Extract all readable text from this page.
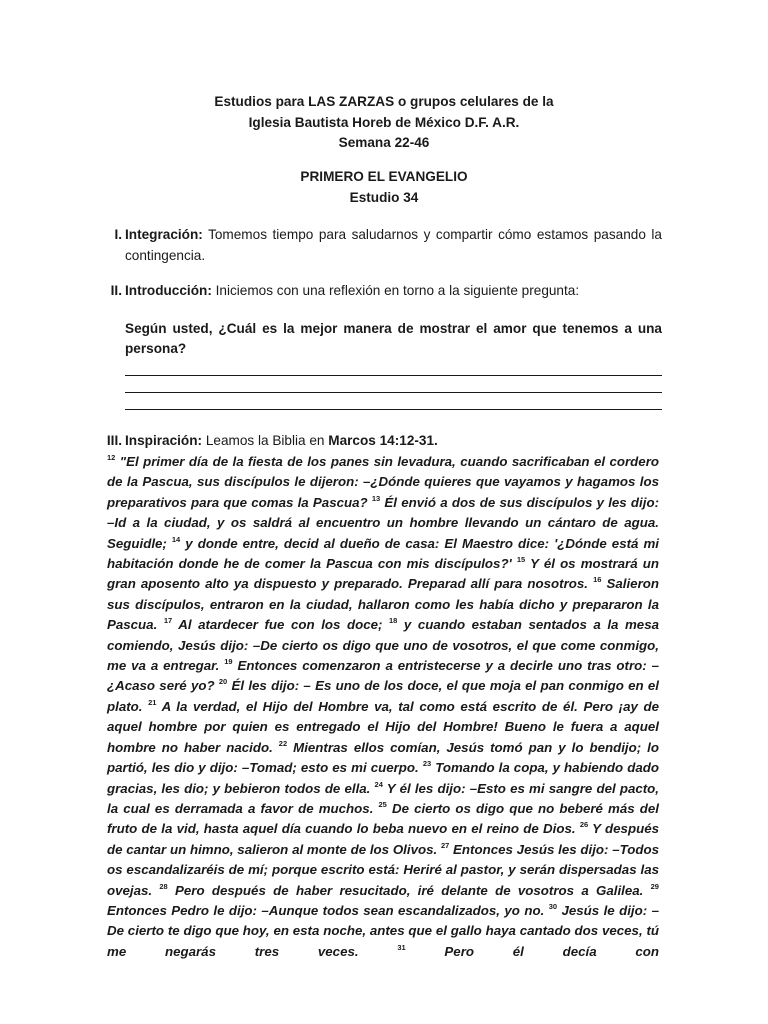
Estudios para LAS ZARZAS o grupos celulares de la
Iglesia Bautista Horeb de México D.F. A.R.
Semana 22-46
PRIMERO EL EVANGELIO
Estudio 34
I. Integración: Tomemos tiempo para saludarnos y compartir cómo estamos pasando la contingencia.
II. Introducción: Iniciemos con una reflexión en torno a la siguiente pregunta:
Según usted, ¿Cuál es la mejor manera de mostrar el amor que tenemos a una persona?
III. Inspiración: Leamos la Biblia en Marcos 14:12-31.
$^{12}$ "El primer día de la fiesta de los panes sin levadura, cuando sacrificaban el cordero de la Pascua, sus discípulos le dijeron: –¿Dónde quieres que vayamos y hagamos los preparativos para que comas la Pascua? $^{13}$ Él envió a dos de sus discípulos y les dijo: –Id a la ciudad, y os saldrá al encuentro un hombre llevando un cántaro de agua. Seguidle; $^{14}$ y donde entre, decid al dueño de casa: El Maestro dice: '¿Dónde está mi habitación donde he de comer la Pascua con mis discípulos?' $^{15}$ Y él os mostrará un gran aposento alto ya dispuesto y preparado. Preparad allí para nosotros. $^{16}$ Salieron sus discípulos, entraron en la ciudad, hallaron como les había dicho y prepararon la Pascua. $^{17}$ Al atardecer fue con los doce; $^{18}$ y cuando estaban sentados a la mesa comiendo, Jesús dijo: –De cierto os digo que uno de vosotros, el que come conmigo, me va a entregar. $^{19}$ Entonces comenzaron a entristecerse y a decirle uno tras otro: –¿Acaso seré yo? $^{20}$ Él les dijo: – Es uno de los doce, el que moja el pan conmigo en el plato. $^{21}$ A la verdad, el Hijo del Hombre va, tal como está escrito de él. Pero ¡ay de aquel hombre por quien es entregado el Hijo del Hombre! Bueno le fuera a aquel hombre no haber nacido. $^{22}$ Mientras ellos comían, Jesús tomó pan y lo bendijo; lo partió, les dio y dijo: –Tomad; esto es mi cuerpo. $^{23}$ Tomando la copa, y habiendo dado gracias, les dio; y bebieron todos de ella. $^{24}$ Y él les dijo: –Esto es mi sangre del pacto, la cual es derramada a favor de muchos. $^{25}$ De cierto os digo que no beberé más del fruto de la vid, hasta aquel día cuando lo beba nuevo en el reino de Dios. $^{26}$ Y después de cantar un himno, salieron al monte de los Olivos. $^{27}$ Entonces Jesús les dijo: –Todos os escandalizaréis de mí; porque escrito está: Heriré al pastor, y serán dispersadas las ovejas. $^{28}$ Pero después de haber resucitado, iré delante de vosotros a Galilea. $^{29}$ Entonces Pedro le dijo: –Aunque todos sean escandalizados, yo no. $^{30}$ Jesús le dijo: –De cierto te digo que hoy, en esta noche, antes que el gallo haya cantado dos veces, tú me negarás tres veces. $^{31}$ Pero él decía con
